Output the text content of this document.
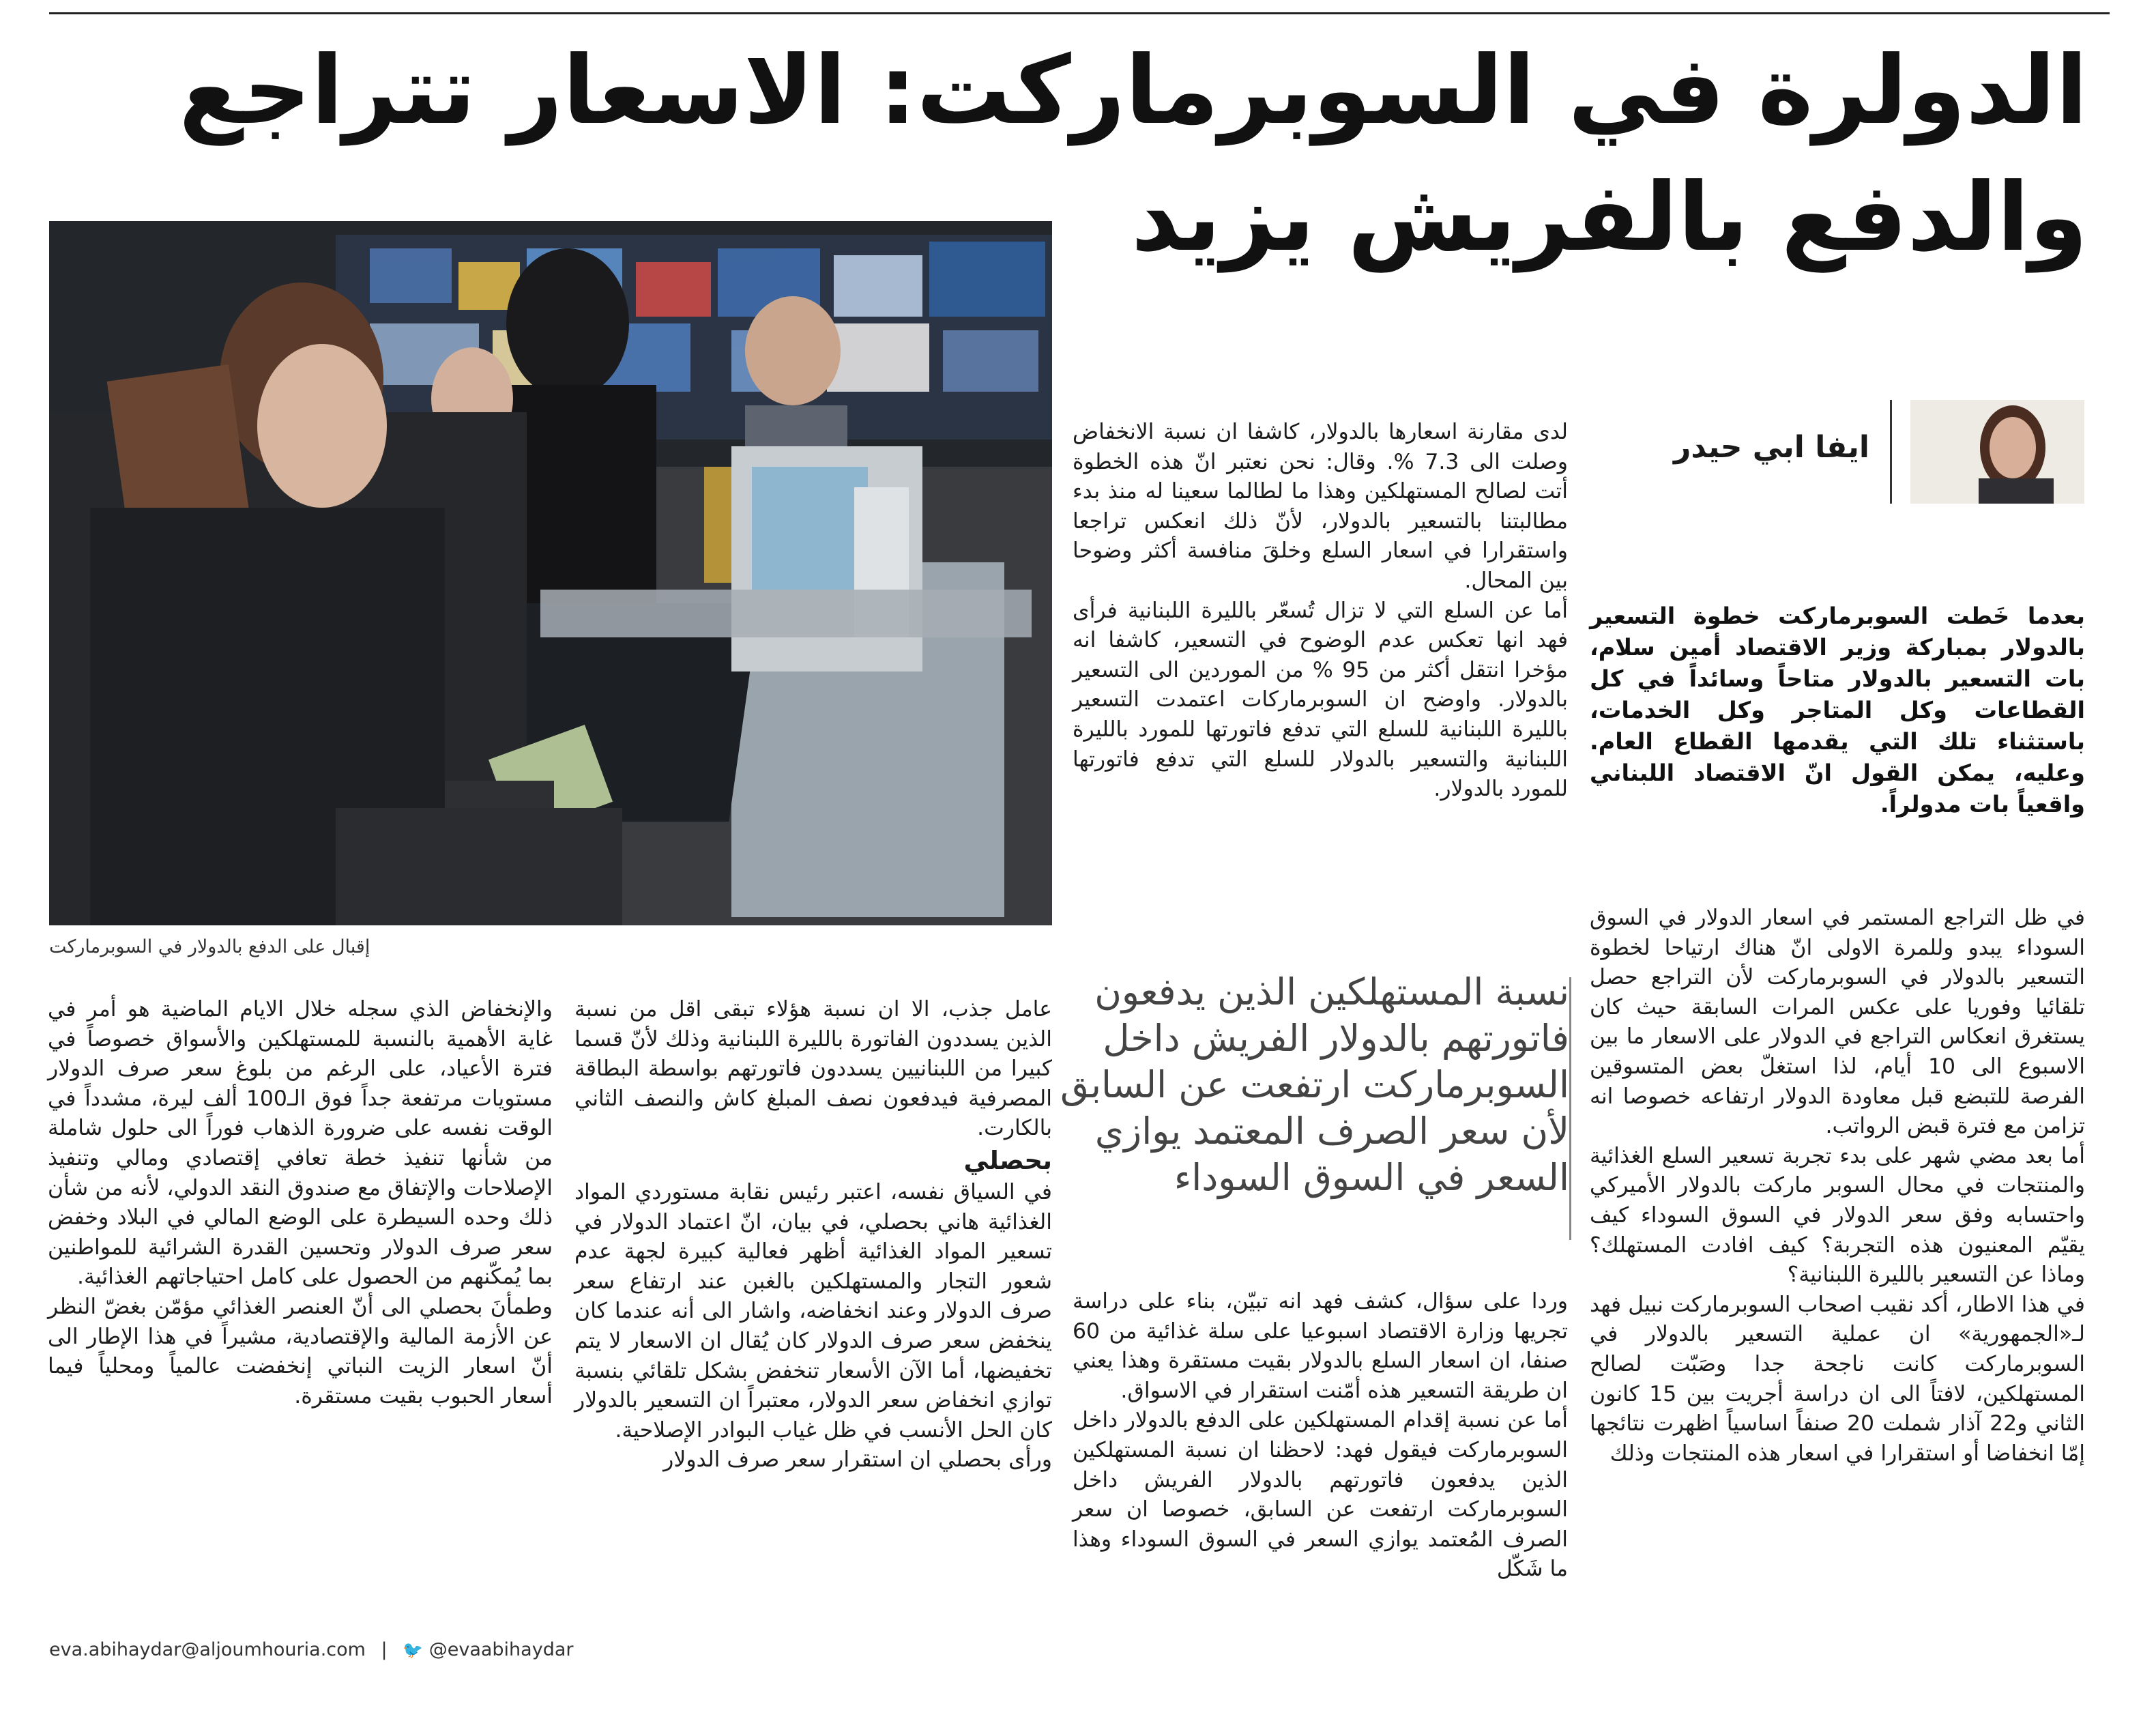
الدولرة في السوبرماركت: الاسعار تتراجع
والدفع بالفريش يزيد
إقبال على الدفع بالدولار في السوبرماركت
ايفا ابي حيدر

بعدما خَطت السوبرماركت خطوة التسعير بالدولار بمباركة وزير الاقتصاد أمين سلام، بات التسعير بالدولار متاحاً وسائداً في كل القطاعات وكل المتاجر وكل الخدمات، باستثناء تلك التي يقدمها القطاع العام. وعليه، يمكن القول انّ الاقتصاد اللبناني واقعياً بات مدولراً.

في ظل التراجع المستمر في اسعار الدولار في السوق السوداء يبدو وللمرة الاولى انّ هناك ارتياحا لخطوة التسعير بالدولار في السوبرماركت لأن التراجع حصل تلقائيا وفوريا على عكس المرات السابقة حيث كان يستغرق انعكاس التراجع في الدولار على الاسعار ما بين الاسبوع الى 10 أيام، لذا استغلّ بعض المتسوقين الفرصة للتبضع قبل معاودة الدولار ارتفاعه خصوصا انه تزامن مع فترة قبض الرواتب.

أما بعد مضي شهر على بدء تجربة تسعير السلع الغذائية والمنتجات في محال السوبر ماركت بالدولار الأميركي واحتسابه وفق سعر الدولار في السوق السوداء كيف يقيّم المعنيون هذه التجربة؟ كيف افادت المستهلك؟ وماذا عن التسعير بالليرة اللبنانية؟

في هذا الاطار، أكد نقيب اصحاب السوبرماركت نبيل فهد لـ«الجمهورية» ان عملية التسعير بالدولار في السوبرماركت كانت ناجحة جدا وصَبّت لصالح المستهلكين، لافتاً الى ان دراسة أجريت بين 15 كانون الثاني و22 آذار شملت 20 صنفاً اساسياً اظهرت نتائجها إمّا انخفاضا أو استقرارا في اسعار هذه المنتجات وذلك

لدى مقارنة اسعارها بالدولار، كاشفا ان نسبة الانخفاض وصلت الى 7.3 %. وقال: نحن نعتبر انّ هذه الخطوة أتت لصالح المستهلكين وهذا ما لطالما سعينا له منذ بدء مطالبتنا بالتسعير بالدولار، لأنّ ذلك انعكس تراجعا واستقرارا في اسعار السلع وخلقَ منافسة أكثر وضوحا بين المحال.

أما عن السلع التي لا تزال تُسعّر بالليرة اللبنانية فرأى فهد انها تعكس عدم الوضوح في التسعير، كاشفا انه مؤخرا انتقل أكثر من 95 % من الموردين الى التسعير بالدولار. واوضح ان السوبرماركات اعتمدت التسعير بالليرة اللبنانية للسلع التي تدفع فاتورتها للمورد بالليرة اللبنانية والتسعير بالدولار للسلع التي تدفع فاتورتها للمورد بالدولار.

نسبة المستهلكين الذين يدفعون فاتورتهم بالدولار الفريش داخل السوبرماركت ارتفعت عن السابق لأن سعر الصرف المعتمد يوازي السعر في السوق السوداء

وردا على سؤال، كشف فهد انه تبيّن، بناء على دراسة تجريها وزارة الاقتصاد اسبوعيا على سلة غذائية من 60 صنفا، ان اسعار السلع بالدولار بقيت مستقرة وهذا يعني ان طريقة التسعير هذه أمّنت استقرار في الاسواق.

أما عن نسبة إقدام المستهلكين على الدفع بالدولار داخل السوبرماركت فيقول فهد: لاحظنا ان نسبة المستهلكين الذين يدفعون فاتورتهم بالدولار الفريش داخل السوبرماركت ارتفعت عن السابق، خصوصا ان سعر الصرف المُعتمد يوازي السعر في السوق السوداء وهذا ما شَكّل

عامل جذب، الا ان نسبة هؤلاء تبقى اقل من نسبة الذين يسددون الفاتورة بالليرة اللبنانية وذلك لأنّ قسما كبيرا من اللبنانيين يسددون فاتورتهم بواسطة البطاقة المصرفية فيدفعون نصف المبلغ كاش والنصف الثاني بالكارت.

بحصلي

في السياق نفسه، اعتبر رئيس نقابة مستوردي المواد الغذائية هاني بحصلي، في بيان، انّ اعتماد الدولار في تسعير المواد الغذائية أظهر فعالية كبيرة لجهة عدم شعور التجار والمستهلكين بالغبن عند ارتفاع سعر صرف الدولار وعند انخفاضه، واشار الى أنه عندما كان ينخفض سعر صرف الدولار كان يُقال ان الاسعار لا يتم تخفيضها، أما الآن الأسعار تنخفض بشكل تلقائي بنسبة توازي انخفاض سعر الدولار، معتبراً ان التسعير بالدولار كان الحل الأنسب في ظل غياب البوادر الإصلاحية.

ورأى بحصلي ان استقرار سعر صرف الدولار

والإنخفاض الذي سجله خلال الايام الماضية هو أمر في غاية الأهمية بالنسبة للمستهلكين والأسواق خصوصاً في فترة الأعياد، على الرغم من بلوغ سعر صرف الدولار مستويات مرتفعة جداً فوق الـ100 ألف ليرة، مشدداً في الوقت نفسه على ضرورة الذهاب فوراً الى حلول شاملة من شأنها تنفيذ خطة تعافي إقتصادي ومالي وتنفيذ الإصلاحات والإتفاق مع صندوق النقد الدولي، لأنه من شأن ذلك وحده السيطرة على الوضع المالي في البلاد وخفض سعر صرف الدولار وتحسين القدرة الشرائية للمواطنين بما يُمكّنهم من الحصول على كامل احتياجاتهم الغذائية.

وطمأنَ بحصلي الى أنّ العنصر الغذائي مؤمّن بغضّ النظر عن الأزمة المالية والإقتصادية، مشيراً في هذا الإطار الى أنّ اسعار الزيت النباتي إنخفضت عالمياً ومحلياً فيما أسعار الحبوب بقيت مستقرة.

eva.abihaydar@aljoumhouria.com | 🐦 @evaabihaydar
